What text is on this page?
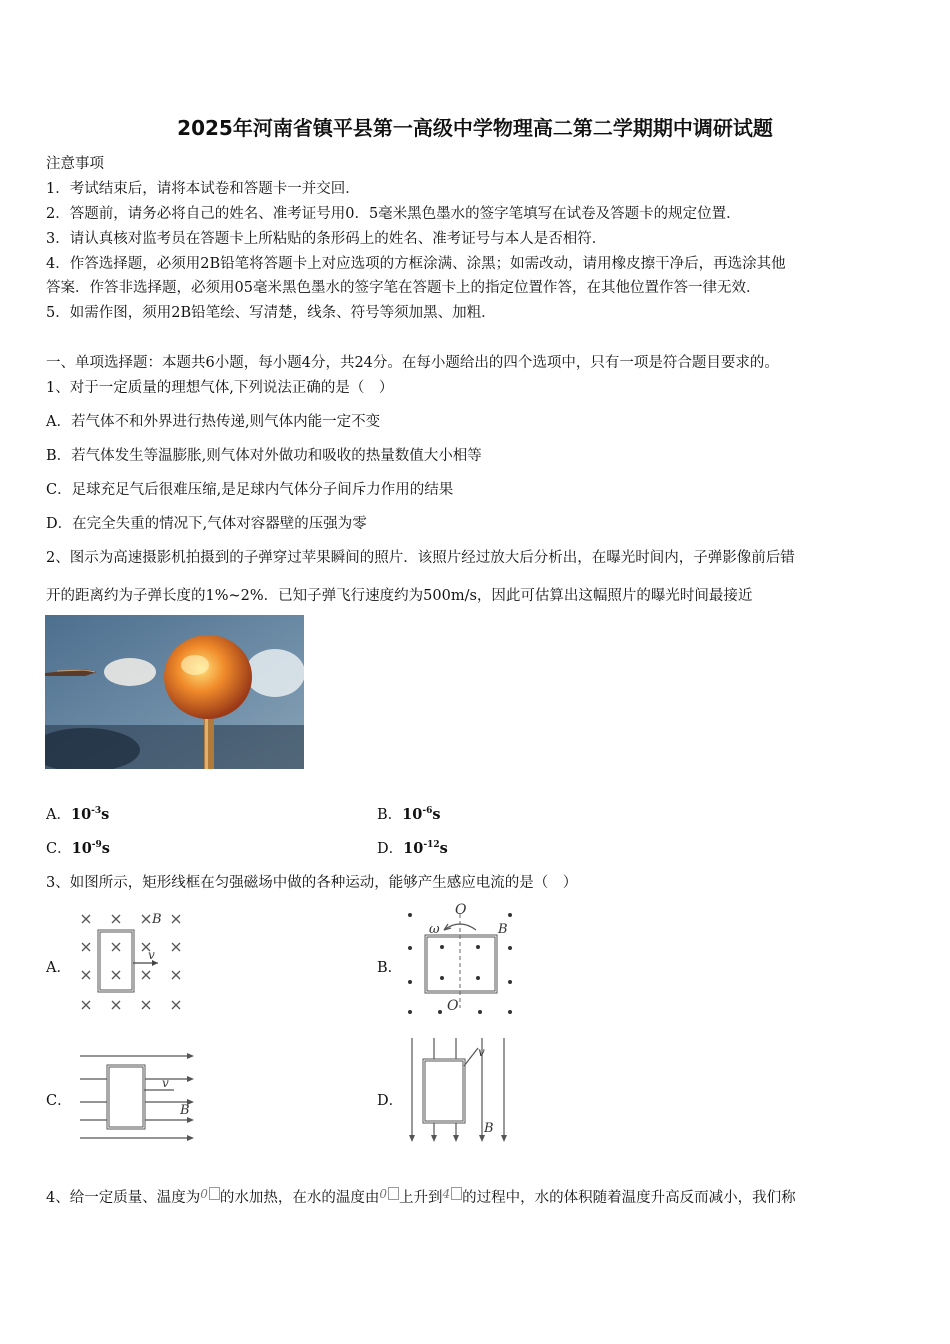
2025年河南省镇平县第一高级中学物理高二第二学期期中调研试题
注意事项
1．考试结束后，请将本试卷和答题卡一并交回．
2．答题前，请务必将自己的姓名、准考证号用0．5毫米黑色墨水的签字笔填写在试卷及答题卡的规定位置．
3．请认真核对监考员在答题卡上所粘贴的条形码上的姓名、准考证号与本人是否相符．
4．作答选择题，必须用2B铅笔将答题卡上对应选项的方框涂满、涂黑；如需改动，请用橡皮擦干净后，再选涂其他
答案．作答非选择题，必须用05毫米黑色墨水的签字笔在答题卡上的指定位置作答，在其他位置作答一律无效．
5．如需作图，须用2B铅笔绘、写清楚，线条、符号等须加黑、加粗．
一、单项选择题：本题共6小题，每小题4分，共24分。在每小题给出的四个选项中，只有一项是符合题目要求的。
1、对于一定质量的理想气体,下列说法正确的是（　）
A．若气体不和外界进行热传递,则气体内能一定不变
B．若气体发生等温膨胀,则气体对外做功和吸收的热量数值大小相等
C．足球充足气后很难压缩,是足球内气体分子间斥力作用的结果
D．在完全失重的情况下,气体对容器壁的压强为零
2、图示为高速摄影机拍摄到的子弹穿过苹果瞬间的照片．该照片经过放大后分析出，在曝光时间内，子弹影像前后错
开的距离约为子弹长度的1%~2%．已知子弹飞行速度约为500m/s，因此可估算出这幅照片的曝光时间最接近
A．$10^{-3}s$	B．$10^{-6}s$
C．$10^{-9}s$	D．$10^{-12}s$
3、如图所示，矩形线框在匀强磁场中做的各种运动，能够产生感应电流的是（　）
A．
B
v
B．
O
O
ω	B
C．
v
B
D．
v
B
4、给一定质量、温度为$^0$ 的水加热，在水的温度由$^0$ 上升到$^4$ 的过程中，水的体积随着温度升高反而减小，我们称
